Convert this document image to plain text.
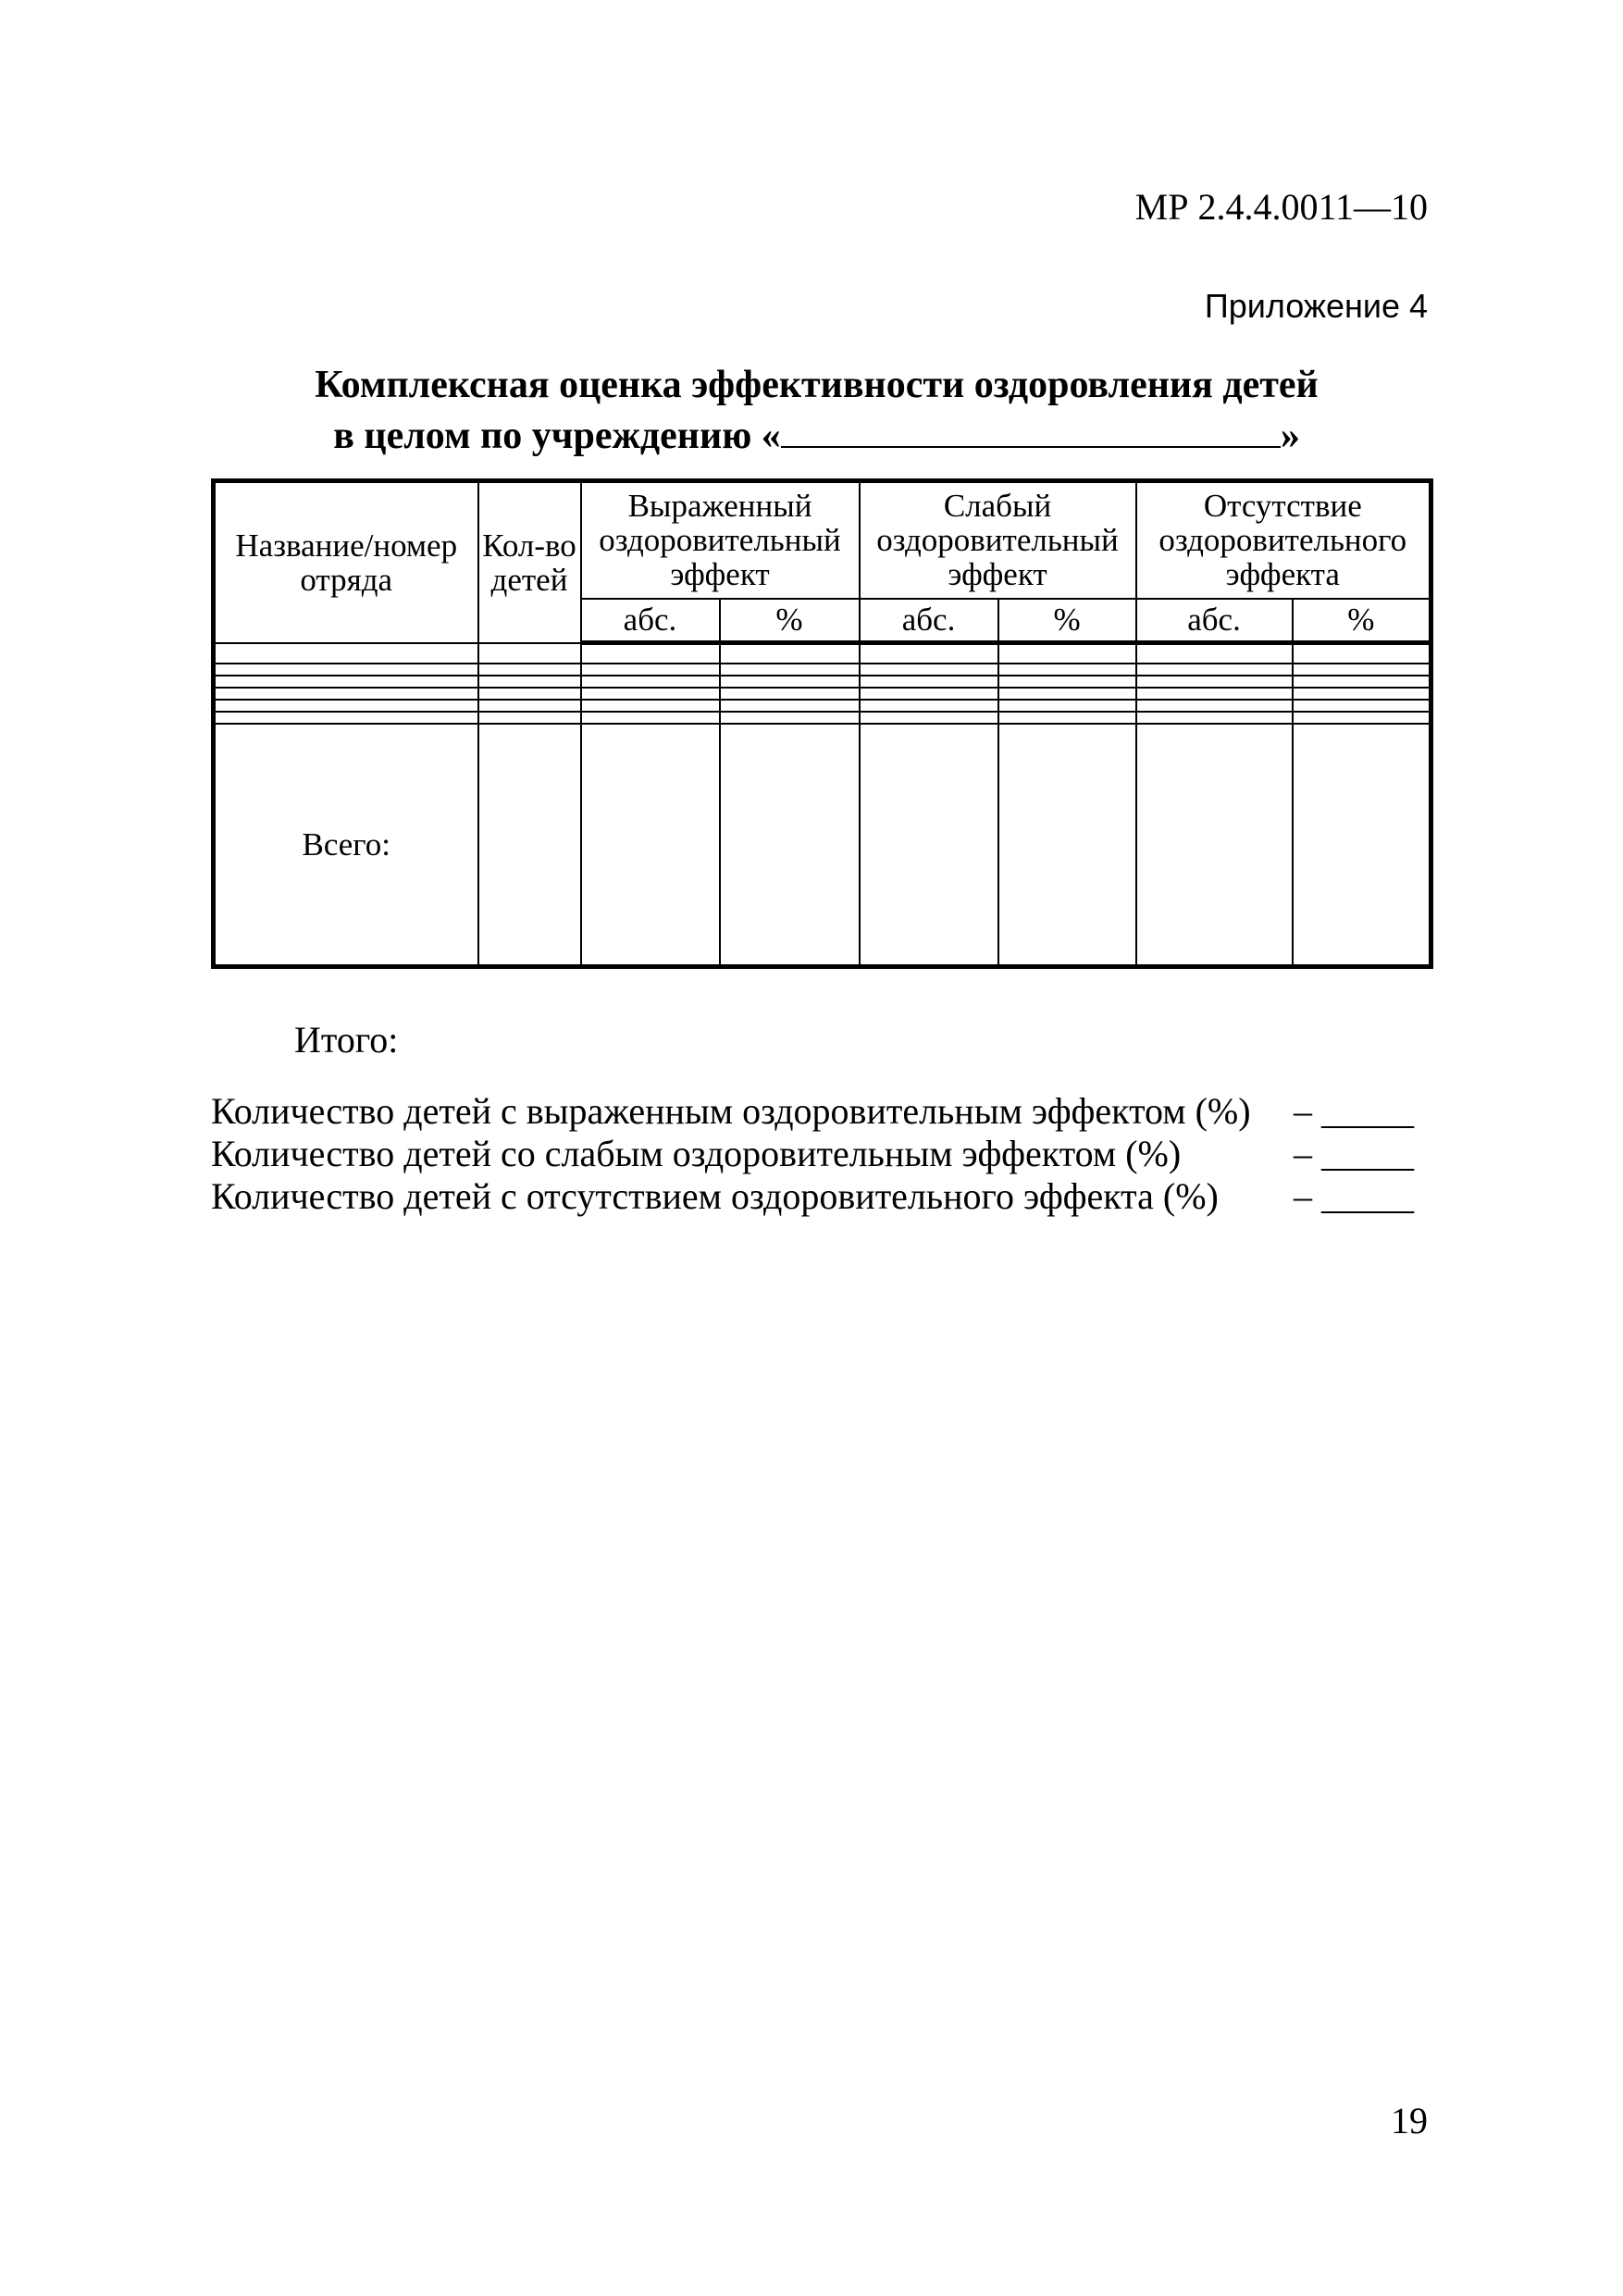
МР 2.4.4.0011—10
Приложение 4
Комплексная оценка эффективности оздоровления детей
в целом по учреждению «	»
Название/номер отряда	Кол-во детей	Выраженный оздоровительный эффект		Слабый оздоровительный эффект		Отсутствие оздоровительного эффекта	
		абс.	%	абс.	%	абс.	%

Всего:							
Итого:
Количество детей с выраженным оздоровительным эффектом (%) – _____
Количество детей со слабым оздоровительным эффектом (%)	– _____
Количество детей с отсутствием оздоровительного эффекта (%) – _____
19
